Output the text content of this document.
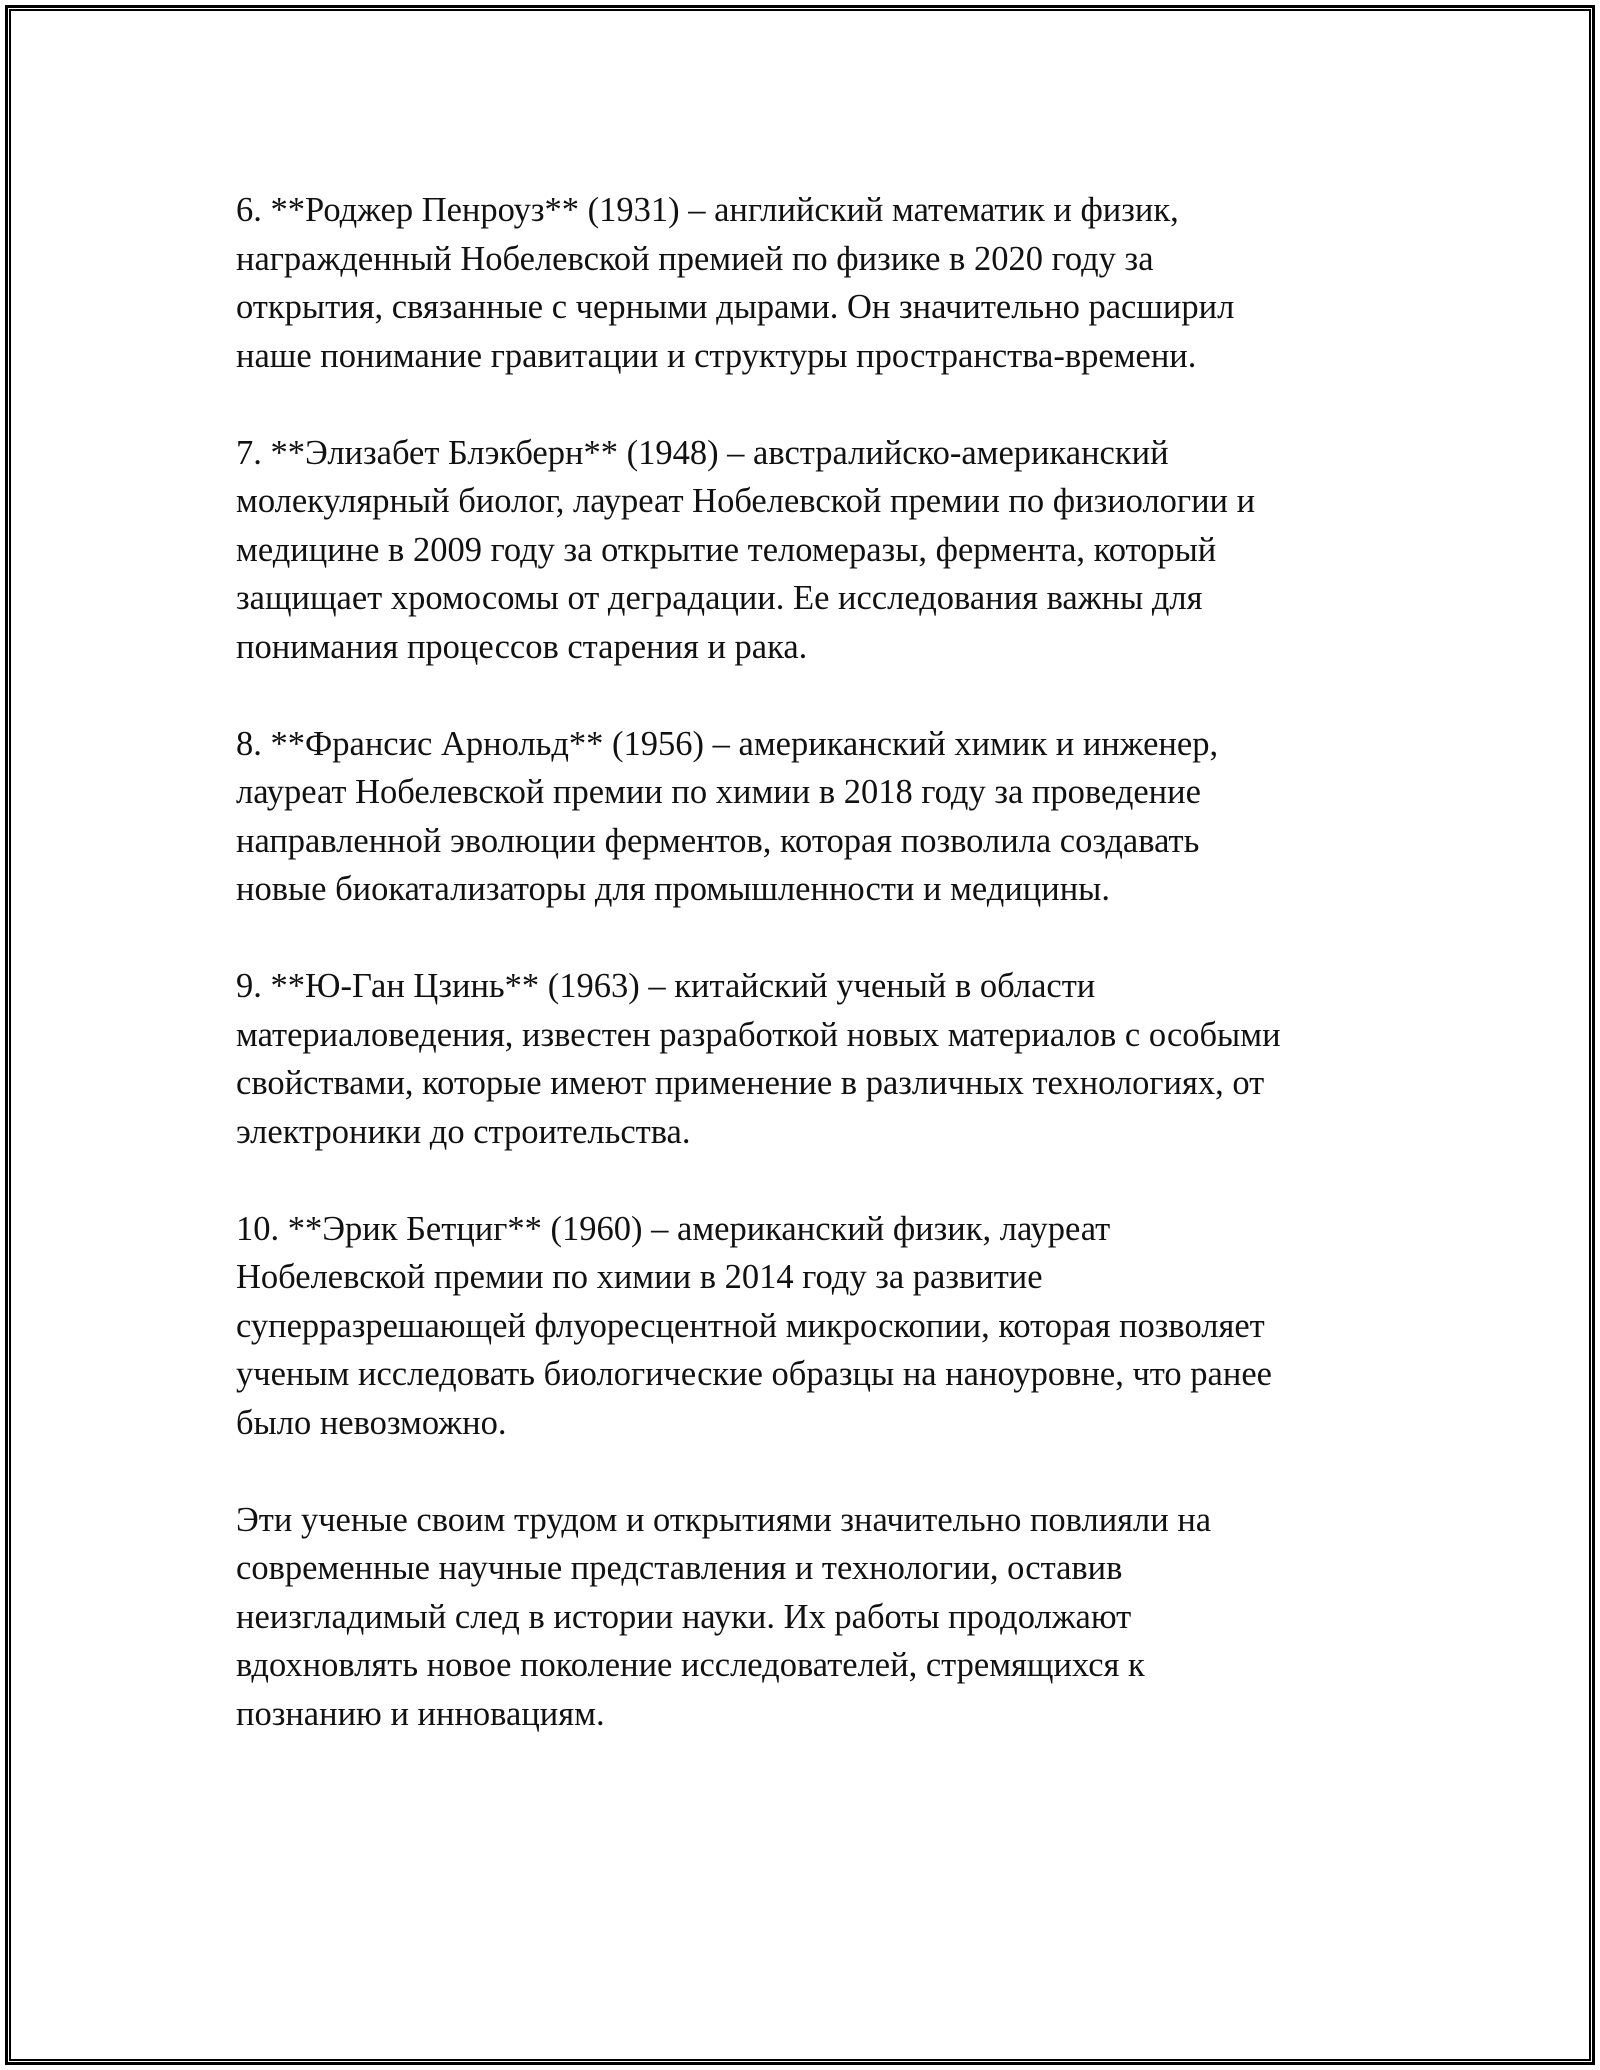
6. **Роджер Пенроуз** (1931) – английский математик и физик,
награжденный Нобелевской премией по физике в 2020 году за
открытия, связанные с черными дырами. Он значительно расширил
наше понимание гравитации и структуры пространства-времени.

7. **Элизабет Блэкберн** (1948) – австралийско-американский
молекулярный биолог, лауреат Нобелевской премии по физиологии и
медицине в 2009 году за открытие теломеразы, фермента, который
защищает хромосомы от деградации. Ее исследования важны для
понимания процессов старения и рака.

8. **Франсис Арнольд** (1956) – американский химик и инженер,
лауреат Нобелевской премии по химии в 2018 году за проведение
направленной эволюции ферментов, которая позволила создавать
новые биокатализаторы для промышленности и медицины.

9. **Ю-Ган Цзинь** (1963) – китайский ученый в области
материаловедения, известен разработкой новых материалов с особыми
свойствами, которые имеют применение в различных технологиях, от
электроники до строительства.

10. **Эрик Бетциг** (1960) – американский физик, лауреат
Нобелевской премии по химии в 2014 году за развитие
суперразрешающей флуоресцентной микроскопии, которая позволяет
ученым исследовать биологические образцы на наноуровне, что ранее
было невозможно.

Эти ученые своим трудом и открытиями значительно повлияли на
современные научные представления и технологии, оставив
неизгладимый след в истории науки. Их работы продолжают
вдохновлять новое поколение исследователей, стремящихся к
познанию и инновациям.
